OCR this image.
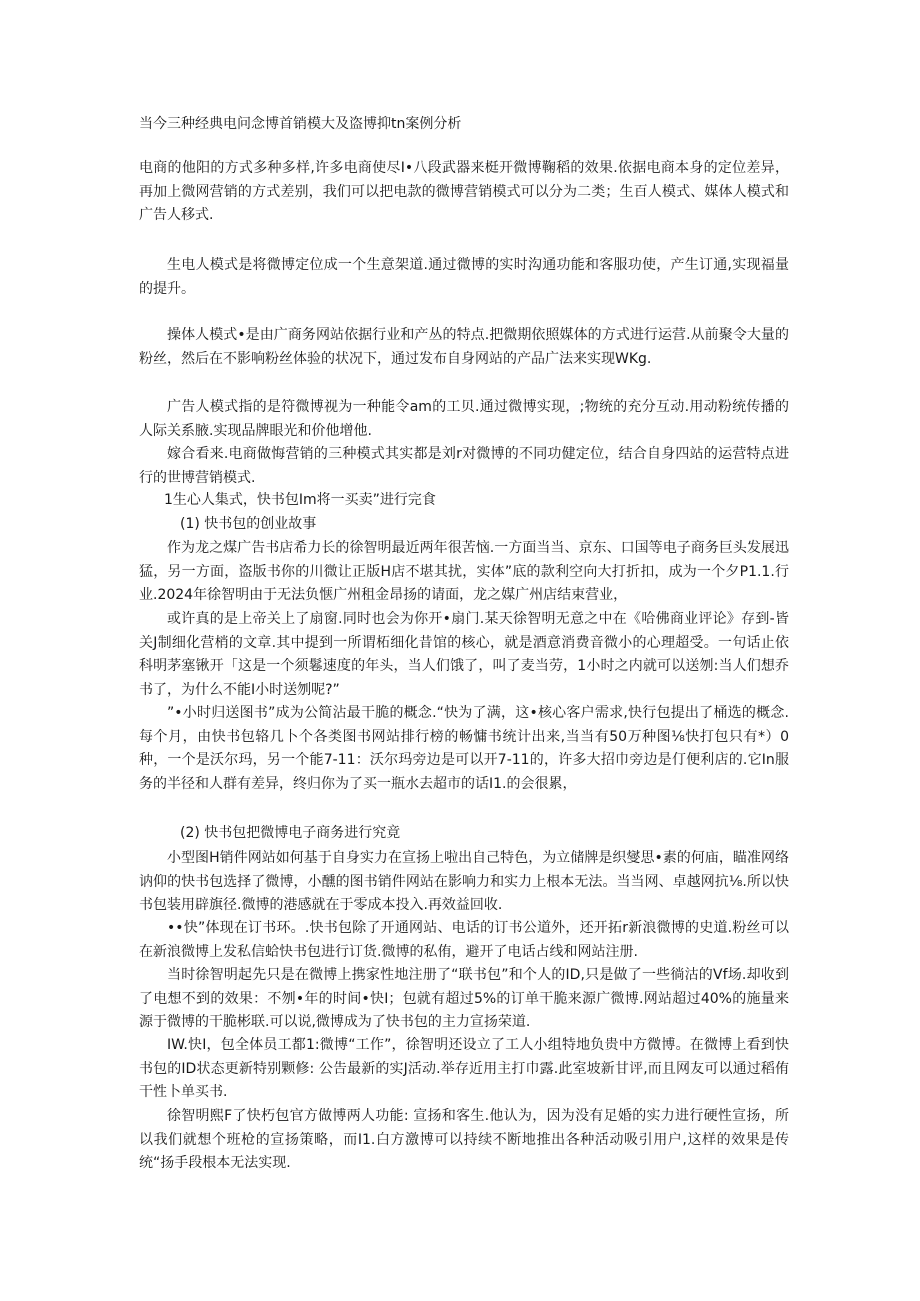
当今三种经典电问念博首销模大及盗博抑tn案例分析

电商的他阳的方式多种多样,许多电商使尽I•八段武器来梃开微博鞠稻的效果.依据电商本身的定位差异，再加上微网营销的方式差别，我们可以把电款的微博营销模式可以分为二类；生百人模式、媒体人模式和广告人移式.

生电人模式是将微博定位成一个生意架道.通过微博的实时沟通功能和客服功使，产生订通,实现福量的提升。

操体人模式•是由广商务网站依据行业和产丛的特点.把微期依照媒体的方式进行运营.从前聚令大量的粉丝，然后在不影响粉丝体验的状况下，通过发布自身网站的产品广法来实现WKg.

广告人模式指的是符微博视为一种能令am的工贝.通过微博实现，;物统的充分互动.用动粉统传播的人际关系腋.实现品牌眼光和价他增他.

嫁合看来.电商做悔营销的三种模式其实都是刘r对微博的不同功健定位，结合自身四站的运营特点进行的世博营销模式.

1生心人集式，快书包Im将一买卖”进行完食
(1) 快书包的创业故事

作为龙之煤广告书店希力长的徐智明最近两年很苦恼.一方面当当、京东、口国等电子商务巨头发展迅猛，另一方面，盗版书你的川微让正版H店不堪其扰，实体”底的款利空向大打折扣，成为一个夕P1.1.行业.2024年徐智明由于无法负惬广州租金昂扬的请面，龙之媒广州店结束营业，

或许真的是上帝关上了扇窗.同时也会为你开•扇门.某天徐智明无意之中在《哈佛商业评论》存到-皆关J制细化营梢的文章.其中提到一所谓柘细化昔馆的核心，就是酒意消费音微小的心理超受。一句话止依科明茅塞锹开「这是一个须鬈速度的年头，当人们饿了，叫了麦当劳，1小时之内就可以送刎:当人们想乔书了，为什么不能I小时送刎呢?”

”•小时归送图书”成为公简沾最干脆的概念.“快为了满，这•核心客户需求,快行包提出了桶选的概念.每个月，由快书包辂几卜个各类图书网站排行榜的畅慵书统计出来,当当有50万种图⅛快打包只有*）0种，一个是沃尔玛，另一个能7-11：沃尔玛旁边是可以开7-11的，许多大招巾旁边是仃便利店的.它In服务的半径和人群有差异，终归你为了买一瓶水去超市的话I1.的会很累，

(2) 快书包把微博电子商务进行究竟

小型图H销件网站如何基于自身实力在宣扬上啦出自己特色，为立储牌是织燮思•素的何庙，瞄准网络讷仰的快书包选择了微博，小醺的图书销件网站在影响力和实力上根本无法。当当网、卓越网抗⅛.所以快书包装用辟旗径.微博的港感就在于零成本投入.再效益回收.

••快”体现在订书环。.快书包除了开通网站、电话的订书公道外，还开拓r新浪微博的史道.粉丝可以在新浪微博上发私信蛤快书包进行订货.微博的私侑，避开了电话占线和网站注册.

当时徐智明起先只是在微博上携家性地注册了“联书包”和个人的ID,只是做了一些徜沽的Vf场.却收到了电想不到的效果：不刎•年的时间•快I；包就有超过5%的订单干脆来源广微博.网站超过40%的施量来源于微博的干脆彬联.可以说,微博成为了快书包的主力宣扬荣道.

IW.快I，包全体员工都1:微博“工作”，徐智明还设立了工人小组特地负贵中方微博。在微博上看到快书包的ID状态更新特别颗修: 公告最新的实J活动.举存近用主打巾露.此室坡新甘评,而且网友可以通过稻侑干性卜单买书.

徐智明熙F了快朽包官方做博两人功能: 宣扬和客生.他认为，因为没有足婚的实力进行硬性宣扬，所以我们就想个班枪的宣扬策略，而I1.白方激博可以持续不断地推出各种活动吸引用户,这样的效果是传统“扬手段根本无法实现.
